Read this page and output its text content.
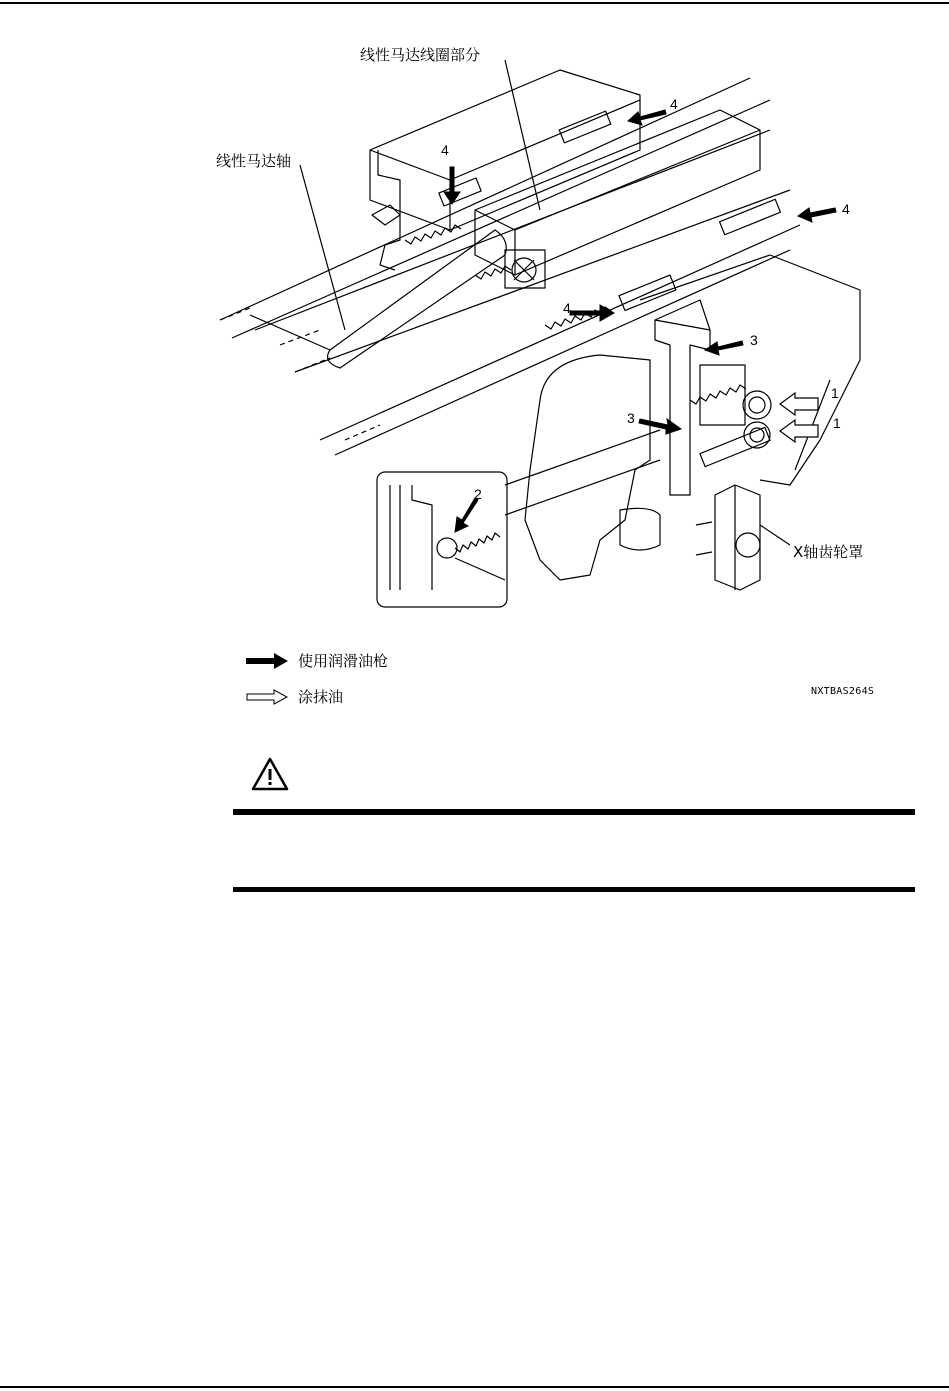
线性马达线圈部分
线性马达轴
X轴齿轮罩
4
4
4
4
3
3
2
1
1
使用润滑油枪
涂抹油	NXTBAS264S
